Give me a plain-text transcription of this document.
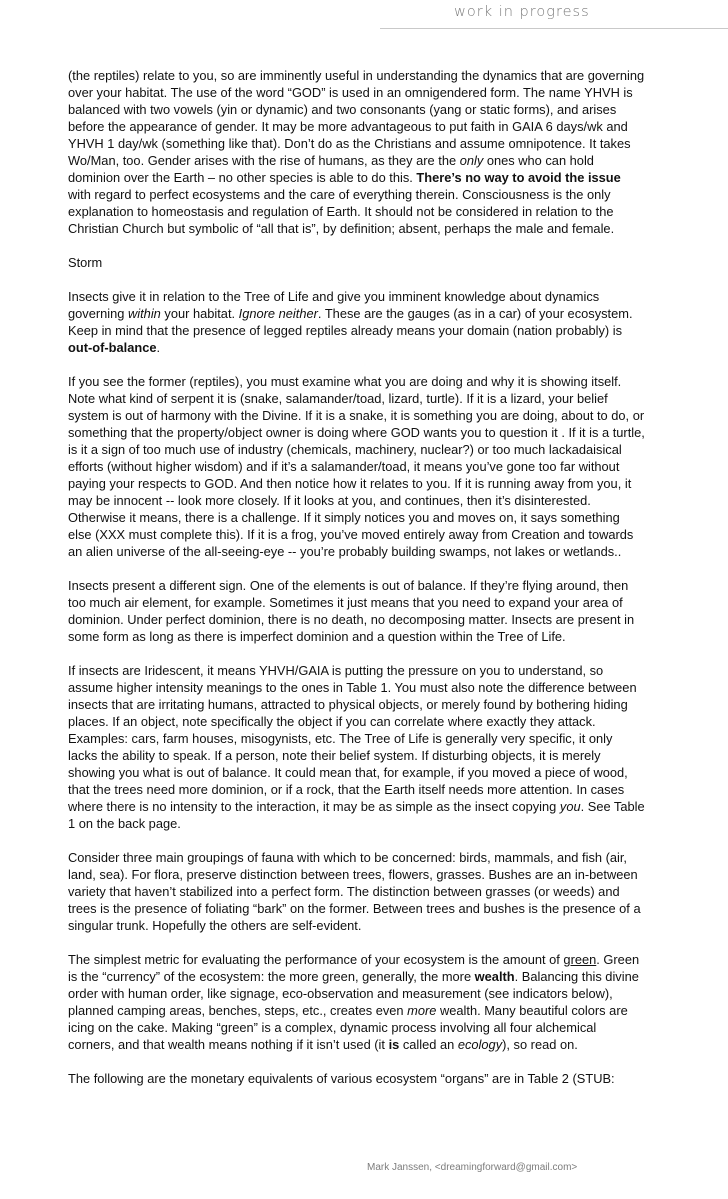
work in progress
(the reptiles) relate to you, so are imminently useful in understanding the dynamics that are governing
over your habitat. The use of the word “GOD” is used in an omnigendered form. The name YHVH is
balanced with two vowels (yin or dynamic) and two consonants (yang or static forms), and arises
before the appearance of gender. It may be more advantageous to put faith in GAIA 6 days/wk and
YHVH 1 day/wk (something like that). Don’t do as the Christians and assume omnipotence. It takes
Wo/Man, too. Gender arises with the rise of humans, as they are the only ones who can hold
dominion over the Earth – no other species is able to do this. There’s no way to avoid the issue
with regard to perfect ecosystems and the care of everything therein. Consciousness is the only
explanation to homeostasis and regulation of Earth. It should not be considered in relation to the
Christian Church but symbolic of “all that is”, by definition; absent, perhaps the male and female.
Storm
Insects give it in relation to the Tree of Life and give you imminent knowledge about dynamics
governing within your habitat. Ignore neither. These are the gauges (as in a car) of your ecosystem.
Keep in mind that the presence of legged reptiles already means your domain (nation probably) is
out-of-balance.
If you see the former (reptiles), you must examine what you are doing and why it is showing itself.
Note what kind of serpent it is (snake, salamander/toad, lizard, turtle). If it is a lizard, your belief
system is out of harmony with the Divine. If it is a snake, it is something you are doing, about to do, or
something that the property/object owner is doing where GOD wants you to question it . If it is a turtle,
is it a sign of too much use of industry (chemicals, machinery, nuclear?) or too much lackadaisical
efforts (without higher wisdom) and if it’s a salamander/toad, it means you’ve gone too far without
paying your respects to GOD. And then notice how it relates to you. If it is running away from you, it
may be innocent -- look more closely. If it looks at you, and continues, then it’s disinterested.
Otherwise it means, there is a challenge. If it simply notices you and moves on, it says something
else (XXX must complete this). If it is a frog, you’ve moved entirely away from Creation and towards
an alien universe of the all-seeing-eye -- you’re probably building swamps, not lakes or wetlands..
Insects present a different sign. One of the elements is out of balance. If they’re flying around, then
too much air element, for example. Sometimes it just means that you need to expand your area of
dominion. Under perfect dominion, there is no death, no decomposing matter. Insects are present in
some form as long as there is imperfect dominion and a question within the Tree of Life.
If insects are Iridescent, it means YHVH/GAIA is putting the pressure on you to understand, so
assume higher intensity meanings to the ones in Table 1. You must also note the difference between
insects that are irritating humans, attracted to physical objects, or merely found by bothering hiding
places. If an object, note specifically the object if you can correlate where exactly they attack.
Examples: cars, farm houses, misogynists, etc. The Tree of Life is generally very specific, it only
lacks the ability to speak. If a person, note their belief system. If disturbing objects, it is merely
showing you what is out of balance. It could mean that, for example, if you moved a piece of wood,
that the trees need more dominion, or if a rock, that the Earth itself needs more attention. In cases
where there is no intensity to the interaction, it may be as simple as the insect copying you. See Table
1 on the back page.
Consider three main groupings of fauna with which to be concerned: birds, mammals, and fish (air,
land, sea). For flora, preserve distinction between trees, flowers, grasses. Bushes are an in-between
variety that haven’t stabilized into a perfect form. The distinction between grasses (or weeds) and
trees is the presence of foliating “bark” on the former. Between trees and bushes is the presence of a
singular trunk. Hopefully the others are self-evident.
The simplest metric for evaluating the performance of your ecosystem is the amount of green. Green
is the “currency” of the ecosystem: the more green, generally, the more wealth. Balancing this divine
order with human order, like signage, eco-observation and measurement (see indicators below),
planned camping areas, benches, steps, etc., creates even more wealth. Many beautiful colors are
icing on the cake. Making “green” is a complex, dynamic process involving all four alchemical
corners, and that wealth means nothing if it isn’t used (it is called an ecology), so read on.
The following are the monetary equivalents of various ecosystem “organs” are in Table 2 (STUB:
Mark Janssen, <dreamingforward@gmail.com>
